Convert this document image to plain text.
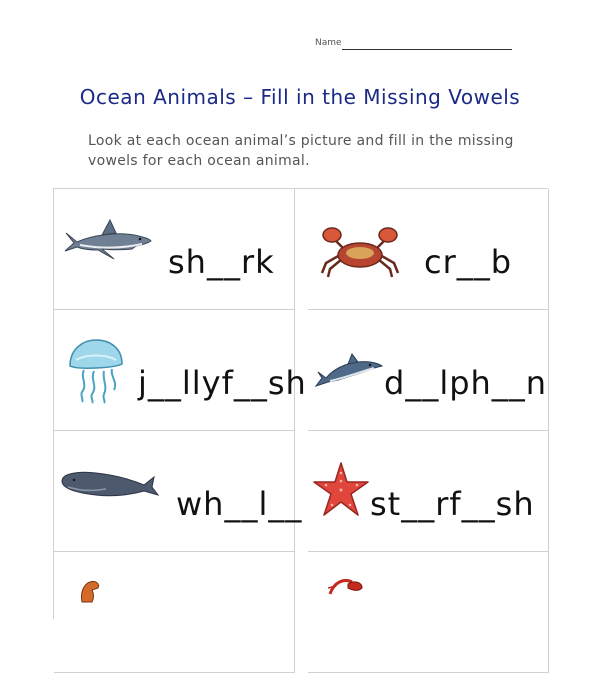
Name
Ocean Animals – Fill in the Missing Vowels

Look at each ocean animal’s picture and fill in the missing vowels for each ocean animal.

sh__rk	cr__b
j__llyf__sh d__lph__n
wh__l__ st__rf__sh
